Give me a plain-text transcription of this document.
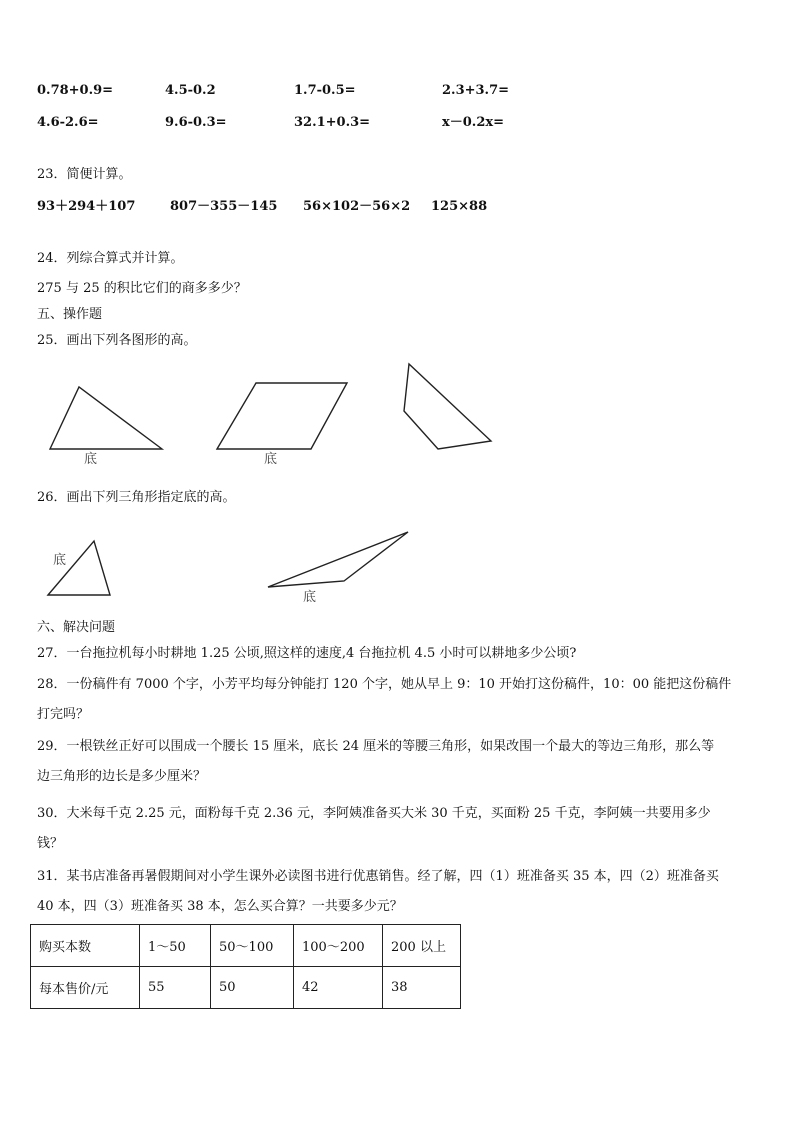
0.78+0.9=	4.5-0.2	1.7-0.5=	2.3+3.7=
4.6-2.6=	9.6-0.3=	32.1+0.3=	x－0.2x=
23．简便计算。
93＋294＋107	807－355－145 56×102－56×2 125×88
24．列综合算式并计算。
275 与 25 的积比它们的商多多少？
五、操作题
25．画出下列各图形的高。
底	底
26．画出下列三角形指定底的高。
底
底
六、解决问题
27．一台拖拉机每小时耕地 1.25 公顷,照这样的速度,4 台拖拉机 4.5 小时可以耕地多少公顷?
28．一份稿件有 7000 个字，小芳平均每分钟能打 120 个字，她从早上 9：10 开始打这份稿件，10：00 能把这份稿件
打完吗？
29．一根铁丝正好可以围成一个腰长 15 厘米，底长 24 厘米的等腰三角形，如果改围一个最大的等边三角形，那么等
边三角形的边长是多少厘米？
30．大米每千克 2.25 元，面粉每千克 2.36 元，李阿姨准备买大米 30 千克，买面粉 25 千克，李阿姨一共要用多少
钱？
31．某书店准备再暑假期间对小学生课外必读图书进行优惠销售。经了解，四（1）班准备买 35 本，四（2）班准备买
40 本，四（3）班准备买 38 本，怎么买合算？一共要多少元？
购买本数	1～50	50～100	100～200	200 以上
每本售价/元	55	50	42	38
